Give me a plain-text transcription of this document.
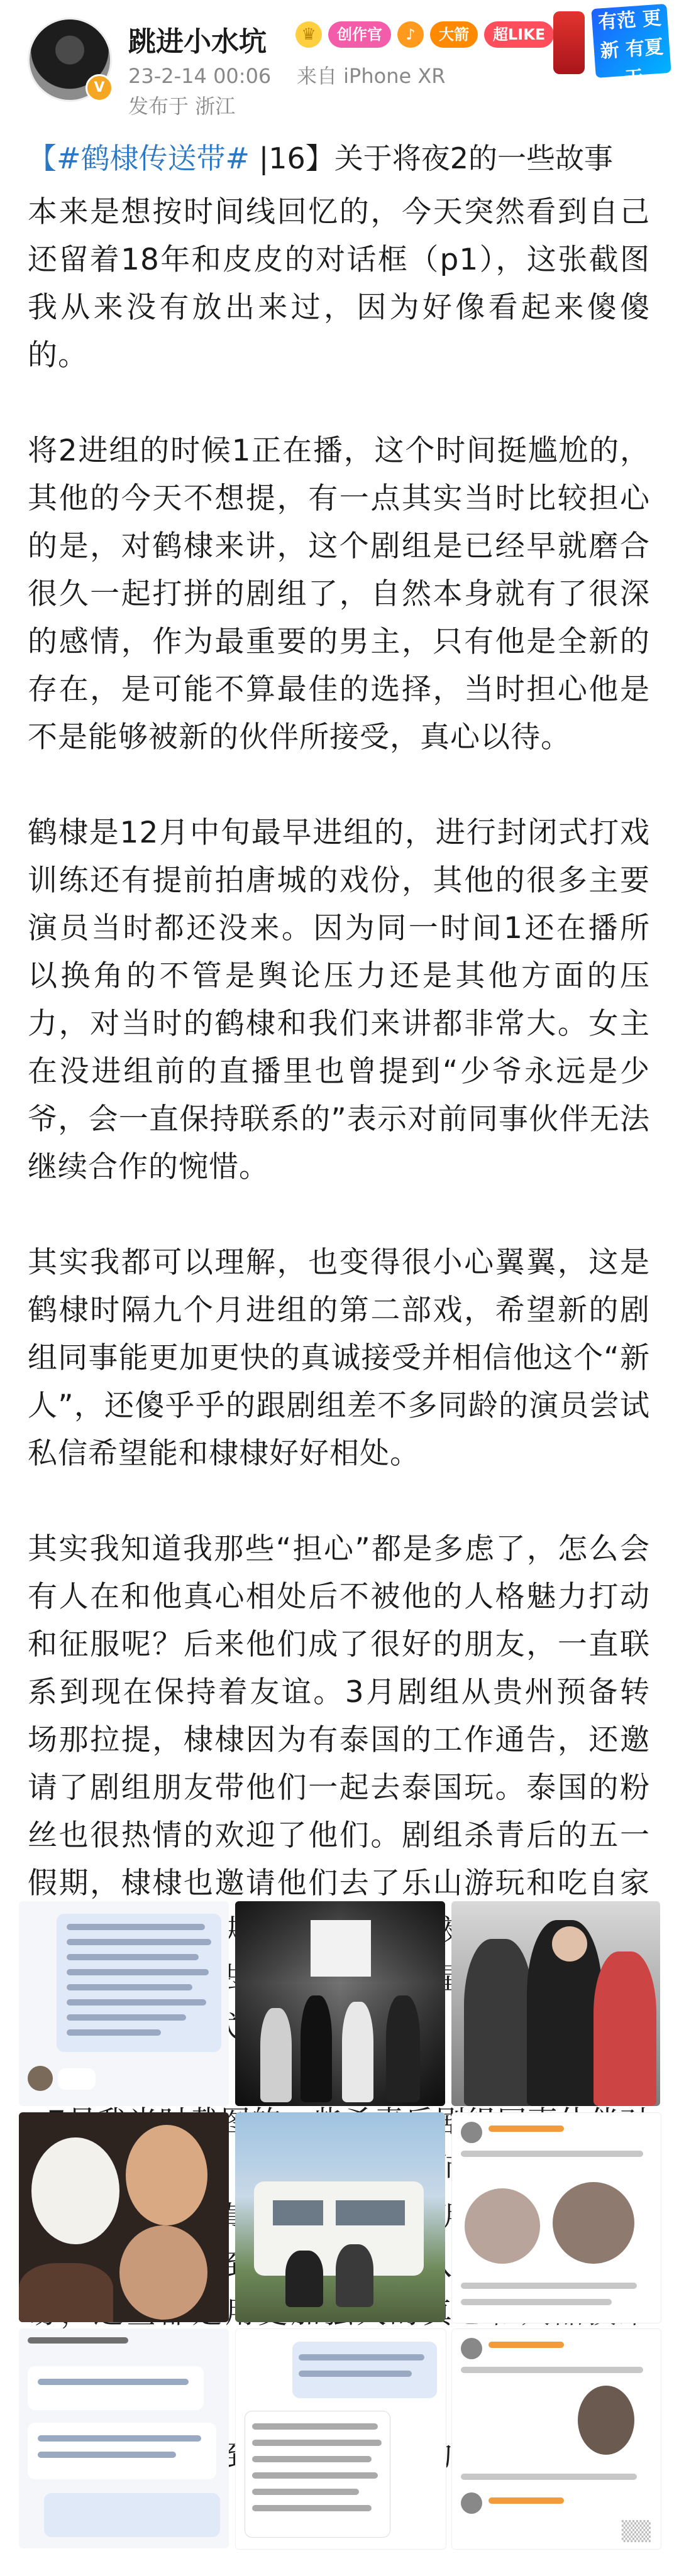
V
跳进小水坑	♛	创作官	♪	大箭	超LIKE
有范 更新 有夏天
23-2-14 00:06 来自 iPhone XR
发布于 浙江
【#鹤棣传送带# |16】关于将夜2的一些故事

本来是想按时间线回忆的，今天突然看到自己还留着18年和皮皮的对话框（p1），这张截图我从来没有放出来过，因为好像看起来傻傻的。

将2进组的时候1正在播，这个时间挺尴尬的，其他的今天不想提，有一点其实当时比较担心的是，对鹤棣来讲，这个剧组是已经早就磨合很久一起打拼的剧组了，自然本身就有了很深的感情，作为最重要的男主，只有他是全新的存在，是可能不算最佳的选择，当时担心他是不是能够被新的伙伴所接受，真心以待。

鹤棣是12月中旬最早进组的，进行封闭式打戏训练还有提前拍唐城的戏份，其他的很多主要演员当时都还没来。因为同一时间1还在播所以换角的不管是舆论压力还是其他方面的压力，对当时的鹤棣和我们来讲都非常大。女主在没进组前的直播里也曾提到“少爷永远是少爷，会一直保持联系的”表示对前同事伙伴无法继续合作的惋惜。

其实我都可以理解，也变得很小心翼翼，这是鹤棣时隔九个月进组的第二部戏，希望新的剧组同事能更加更快的真诚接受并相信他这个“新人”，还傻乎乎的跟剧组差不多同龄的演员尝试私信希望能和棣棣好好相处。

其实我知道我那些“担心”都是多虑了，怎么会有人在和他真心相处后不被他的人格魅力打动和征服呢？后来他们成了很好的朋友，一直联系到现在保持着友谊。3月剧组从贵州预备转场那拉提，棣棣因为有泰国的工作通告，还邀请了剧组朋友带他们一起去泰国玩。泰国的粉丝也很热情的欢迎了他们。剧组杀青后的五一假期，棣棣也邀请他们去了乐山游玩和吃自家 诀 夜 送去了 星

▒▒
